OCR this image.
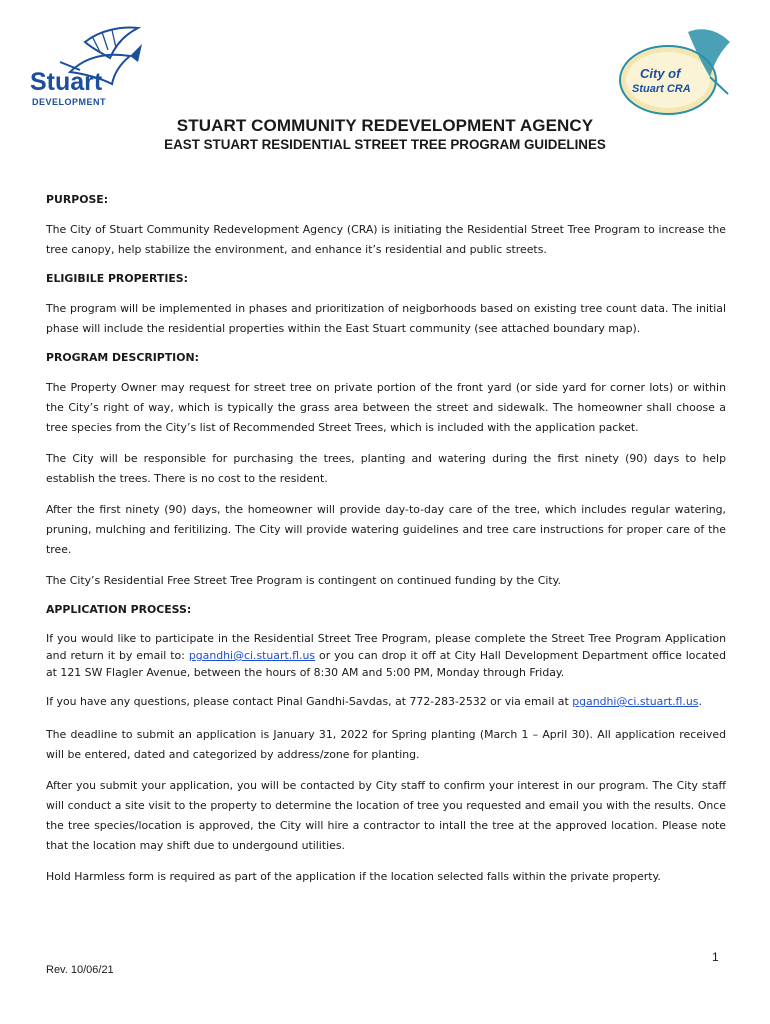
Stuart
DEVELOPMENT
City of
Stuart CRA
STUART COMMUNITY REDEVELOPMENT AGENCY
EAST STUART RESIDENTIAL STREET TREE PROGRAM GUIDELINES
PURPOSE:

The City of Stuart Community Redevelopment Agency (CRA) is initiating the Residential Street Tree Program to increase the tree canopy, help stabilize the environment, and enhance it’s residential and public streets.

ELIGIBILE PROPERTIES:

The program will be implemented in phases and prioritization of neigborhoods based on existing tree count data. The initial phase will include the residential properties within the East Stuart community (see attached boundary map).

PROGRAM DESCRIPTION:

The Property Owner may request for street tree on private portion of the front yard (or side yard for corner lots) or within the City’s right of way, which is typically the grass area between the street and sidewalk. The homeowner shall choose a tree species from the City’s list of Recommended Street Trees, which is included with the application packet.

The City will be responsible for purchasing the trees, planting and watering during the first ninety (90) days to help establish the trees. There is no cost to the resident.

After the first ninety (90) days, the homeowner will provide day-to-day care of the tree, which includes regular watering, pruning, mulching and feritilizing. The City will provide watering guidelines and tree care instructions for proper care of the tree.

The City’s Residential Free Street Tree Program is contingent on continued funding by the City.

APPLICATION PROCESS:

If you would like to participate in the Residential Street Tree Program, please complete the Street Tree Program Application and return it by email to: pgandhi@ci.stuart.fl.us or you can drop it off at City Hall Development Department office located at 121 SW Flagler Avenue, between the hours of 8:30 AM and 5:00 PM, Monday through Friday.

If you have any questions, please contact Pinal Gandhi-Savdas, at 772-283-2532 or via email at pgandhi@ci.stuart.fl.us.

The deadline to submit an application is January 31, 2022 for Spring planting (March 1 – April 30). All application received will be entered, dated and categorized by address/zone for planting.

After you submit your application, you will be contacted by City staff to confirm your interest in our program. The City staff will conduct a site visit to the property to determine the location of tree you requested and email you with the results. Once the tree species/location is approved, the City will hire a contractor to intall the tree at the approved location. Please note that the location may shift due to undergound utilities.

Hold Harmless form is required as part of the application if the location selected falls within the private property.

1
Rev. 10/06/21
